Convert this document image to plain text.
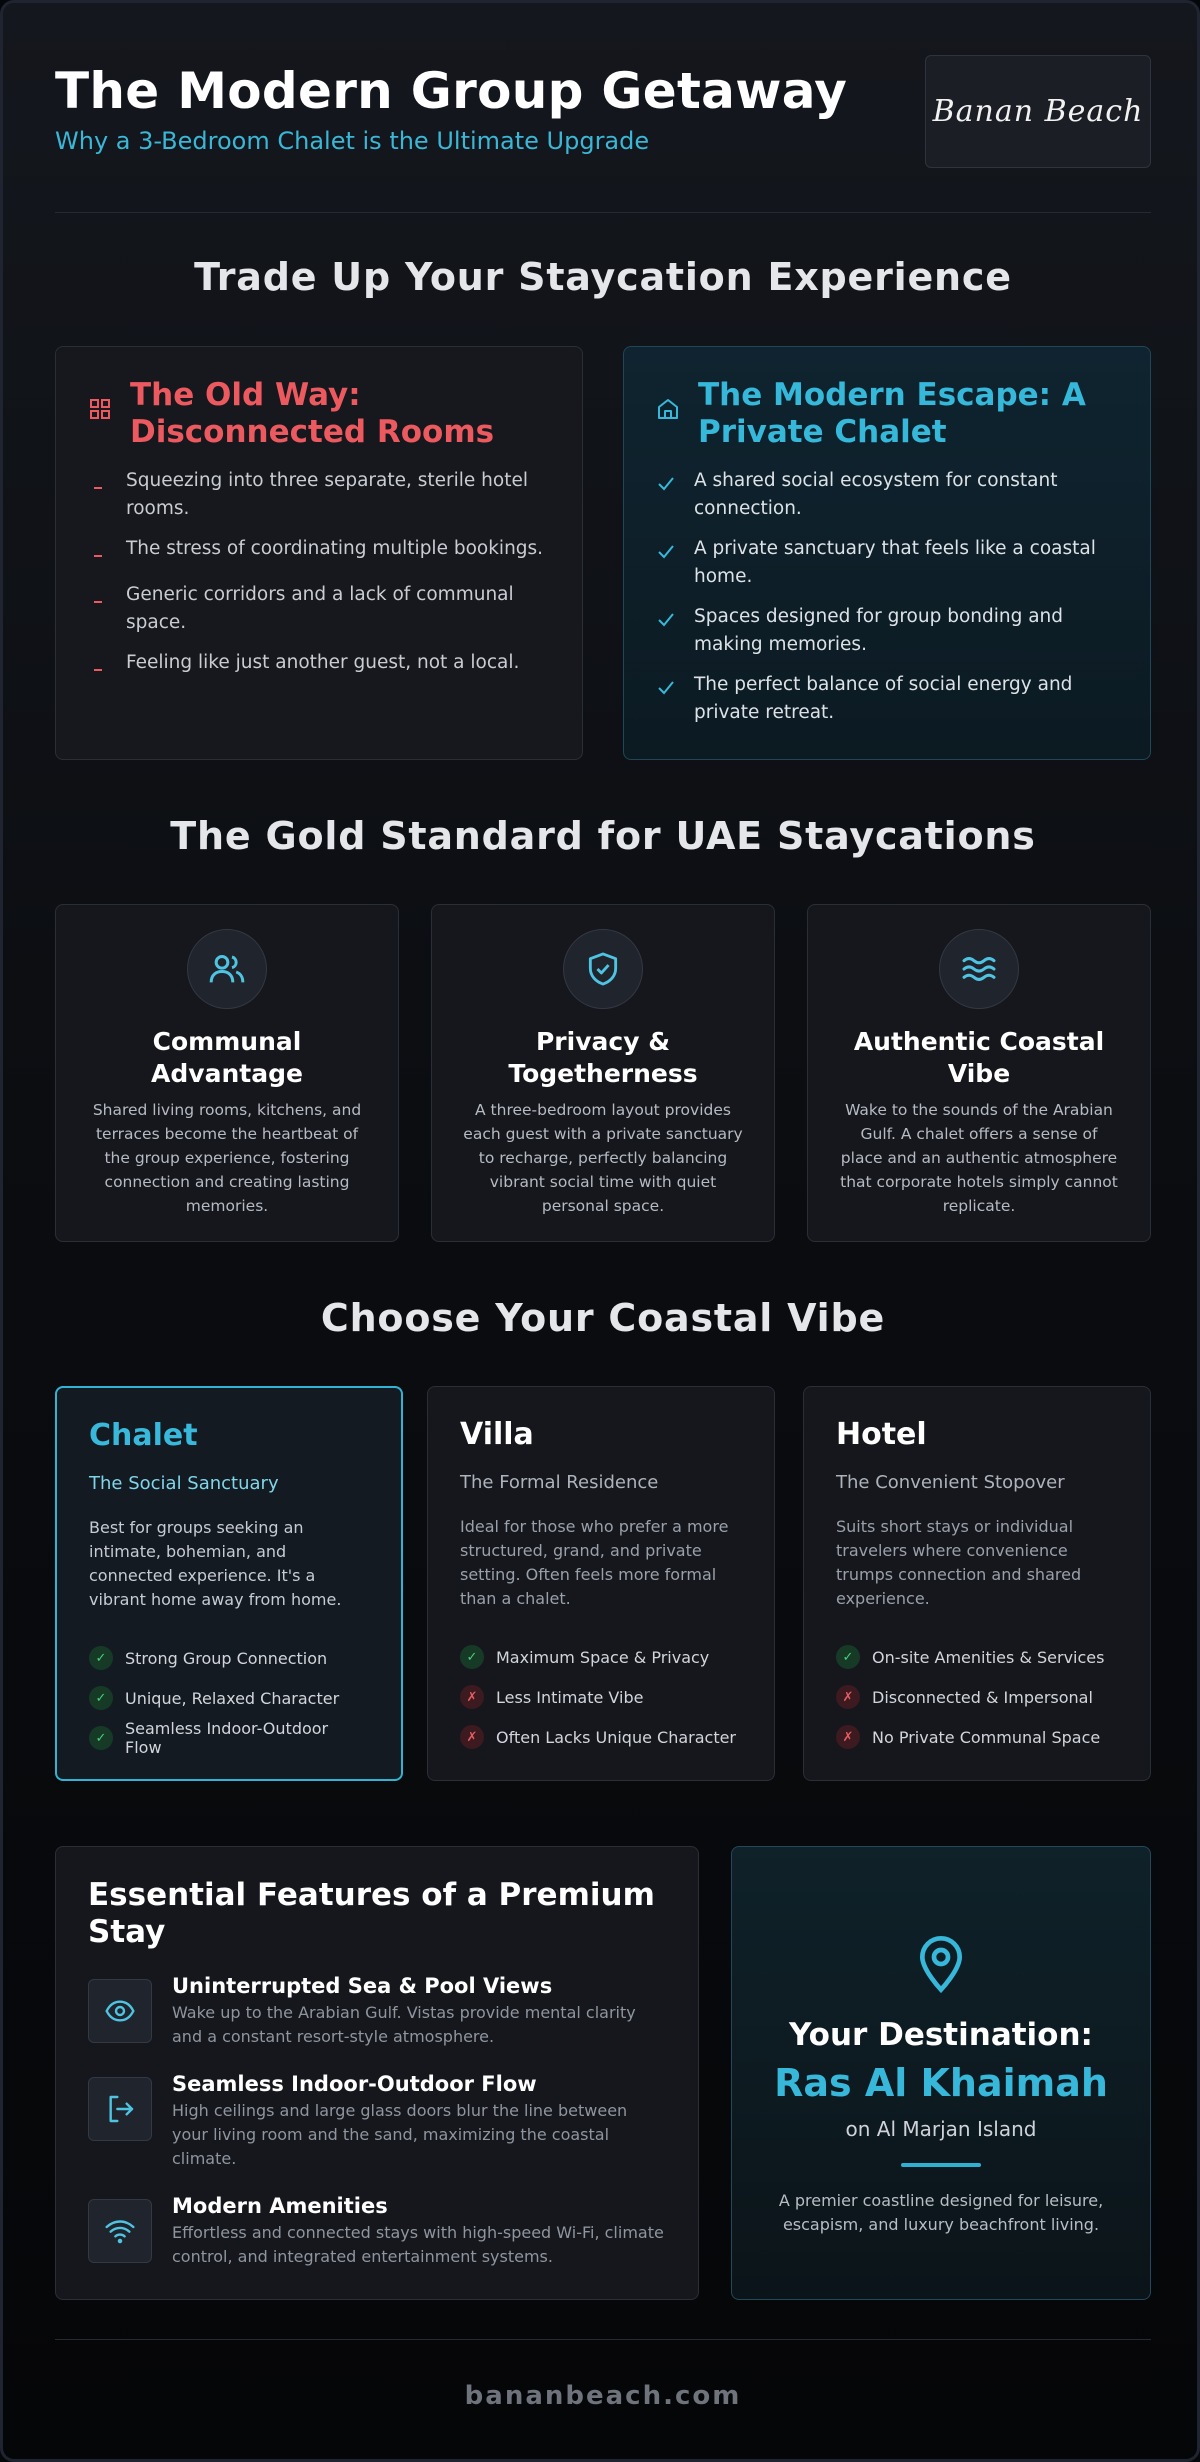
The Modern Group Getaway
Why a 3-Bedroom Chalet is the Ultimate Upgrade
Banan Beach
Trade Up Your Staycation Experience
The Old Way: Disconnected Rooms
Squeezing into three separate, sterile hotel rooms.
The stress of coordinating multiple bookings.
Generic corridors and a lack of communal space.
Feeling like just another guest, not a local.
The Modern Escape: A Private Chalet
A shared social ecosystem for constant connection.
A private sanctuary that feels like a coastal home.
Spaces designed for group bonding and making memories.
The perfect balance of social energy and private retreat.
The Gold Standard for UAE Staycations
Communal Advantage

Shared living rooms, kitchens, and terraces become the heartbeat of the group experience, fostering connection and creating lasting memories.

Privacy & Togetherness

A three-bedroom layout provides each guest with a private sanctuary to recharge, perfectly balancing vibrant social time with quiet personal space.

Authentic Coastal Vibe

Wake to the sounds of the Arabian Gulf. A chalet offers a sense of place and an authentic atmosphere that corporate hotels simply cannot replicate.

Choose Your Coastal Vibe
Chalet
The Social Sanctuary
Best for groups seeking an intimate, bohemian, and connected experience. It's a vibrant home away from home.
✓	Strong Group Connection
✓	Unique, Relaxed Character
✓	Seamless Indoor-Outdoor Flow
Villa
The Formal Residence
Ideal for those who prefer a more structured, grand, and private setting. Often feels more formal than a chalet.
✓	Maximum Space & Privacy
✗	Less Intimate Vibe
✗	Often Lacks Unique Character
Hotel
The Convenient Stopover
Suits short stays or individual travelers where convenience trumps connection and shared experience.
✓	On-site Amenities & Services
✗	Disconnected & Impersonal
✗	No Private Communal Space
Essential Features of a Premium Stay
Uninterrupted Sea & Pool Views

Wake up to the Arabian Gulf. Vistas provide mental clarity and a constant resort-style atmosphere.

Seamless Indoor-Outdoor Flow

High ceilings and large glass doors blur the line between your living room and the sand, maximizing the coastal climate.

Modern Amenities

Effortless and connected stays with high-speed Wi-Fi, climate control, and integrated entertainment systems.

Your Destination:
Ras Al Khaimah
on Al Marjan Island
A premier coastline designed for leisure, escapism, and luxury beachfront living.
bananbeach.com
